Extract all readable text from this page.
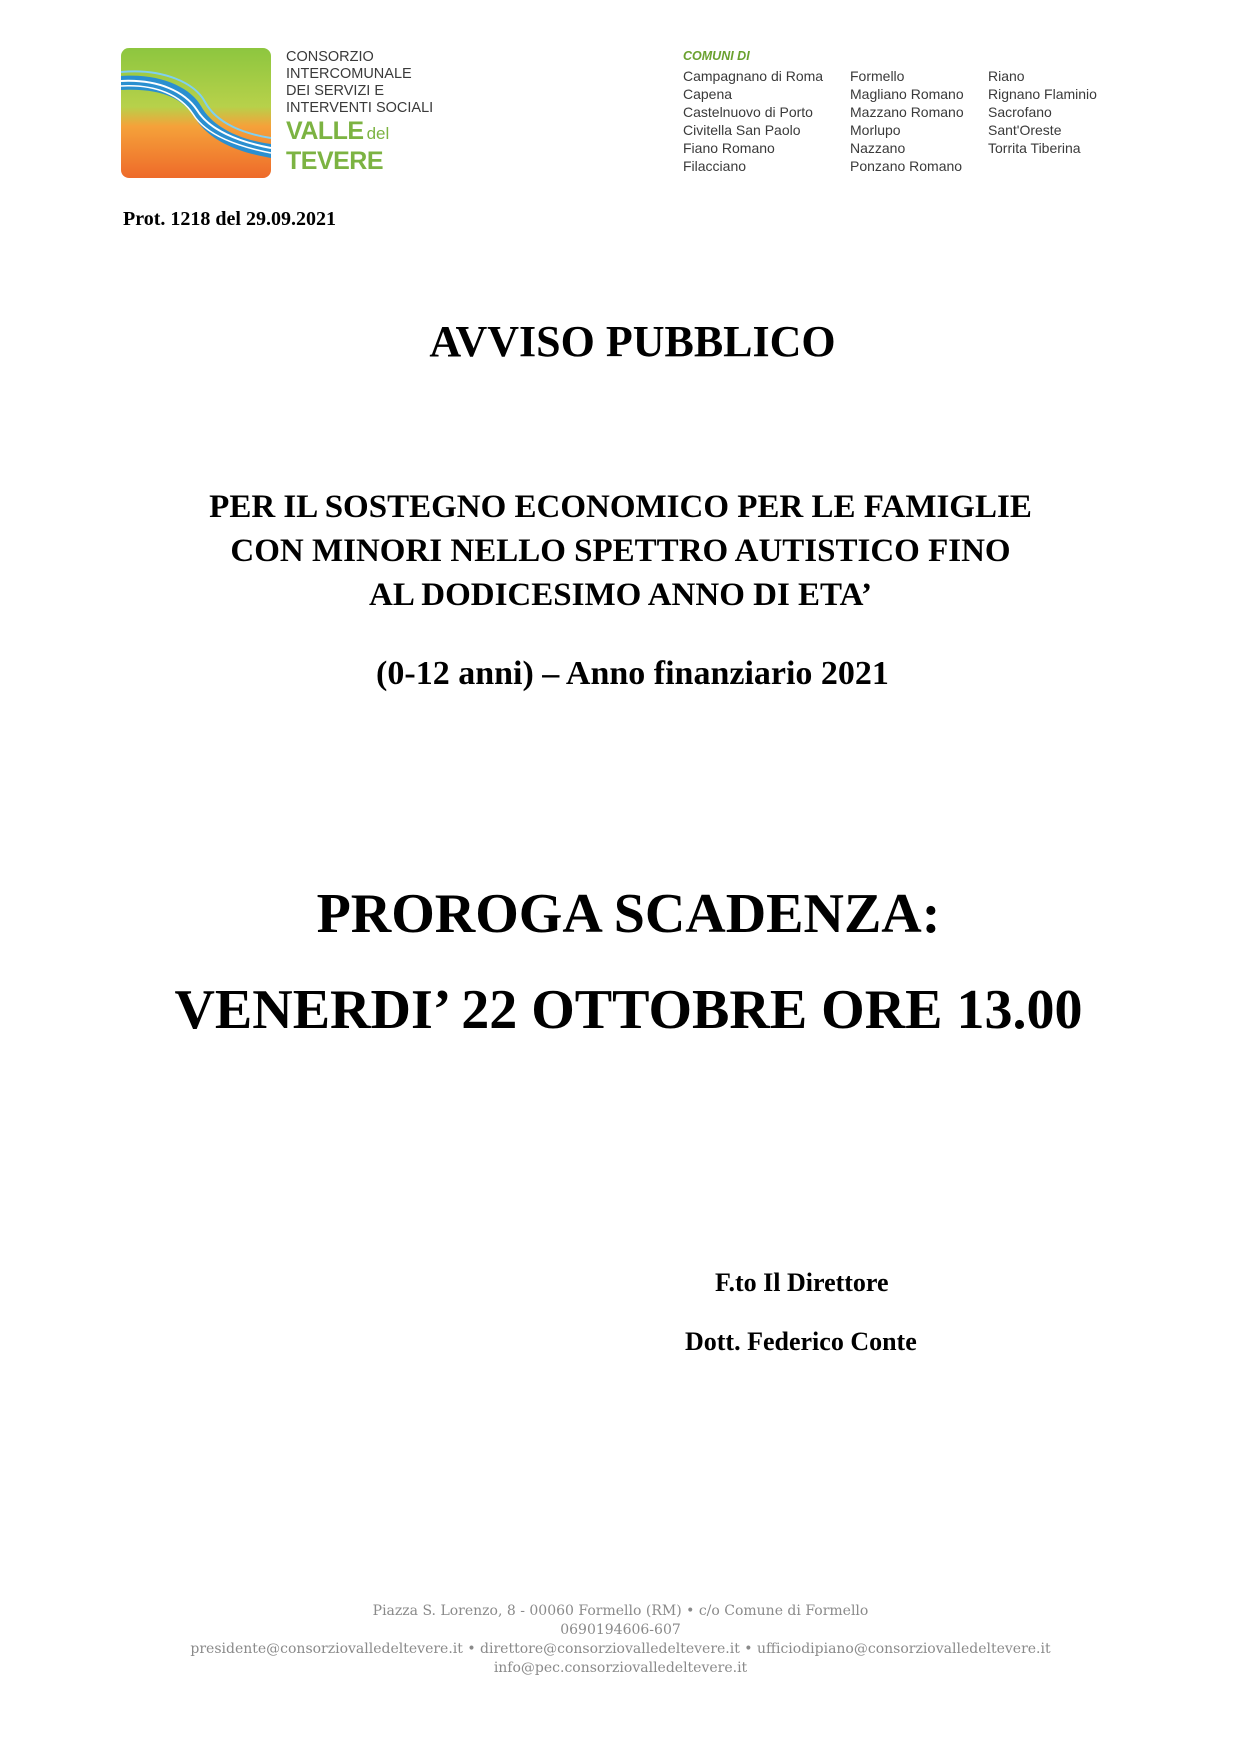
CONSORZIO
INTERCOMUNALE
DEI SERVIZI E
INTERVENTI SOCIALI
VALLE del
TEVERE
COMUNI DI
Campagnano di Roma
Capena
Castelnuovo di Porto
Civitella San Paolo
Fiano Romano
Filacciano
Formello
Magliano Romano
Mazzano Romano
Morlupo
Nazzano
Ponzano Romano
Riano
Rignano Flaminio
Sacrofano
Sant'Oreste
Torrita Tiberina
Prot. 1218 del 29.09.2021
AVVISO PUBBLICO
PER IL SOSTEGNO ECONOMICO PER LE FAMIGLIE
CON MINORI NELLO SPETTRO AUTISTICO FINO
AL DODICESIMO ANNO DI ETA’
(0-12 anni) – Anno finanziario 2021
PROROGA SCADENZA:
VENERDI’ 22 OTTOBRE ORE 13.00
F.to Il Direttore
Dott. Federico Conte
Piazza S. Lorenzo, 8 - 00060 Formello (RM) • c/o Comune di Formello
0690194606-607
presidente@consorziovalledeltevere.it • direttore@consorziovalledeltevere.it • ufficiodipiano@consorziovalledeltevere.it
info@pec.consorziovalledeltevere.it
